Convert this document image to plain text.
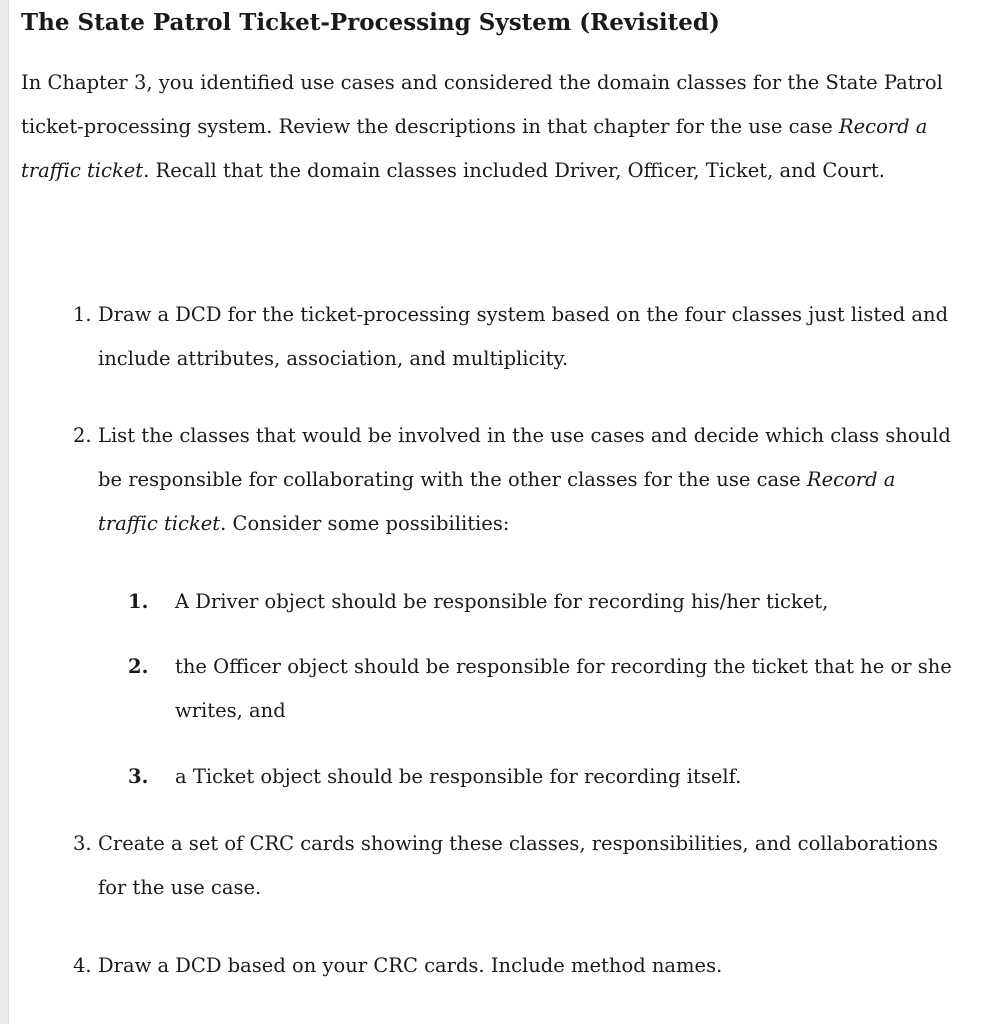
The State Patrol Ticket-Processing System (Revisited)

In Chapter 3, you identified use cases and considered the domain classes for the State Patrol ticket-processing system. Review the descriptions in that chapter for the use case Record a traffic ticket. Recall that the domain classes included Driver, Officer, Ticket, and Court.

1. Draw a DCD for the ticket-processing system based on the four classes just listed and include attributes, association, and multiplicity.
2. List the classes that would be involved in the use cases and decide which class should be responsible for collaborating with the other classes for the use case Record a traffic ticket. Consider some possibilities:
3. Create a set of CRC cards showing these classes, responsibilities, and collaborations for the use case.
4. Draw a DCD based on your CRC cards. Include method names.
1. A Driver object should be responsible for recording his/her ticket,
2. the Officer object should be responsible for recording the ticket that he or she writes, and
3. a Ticket object should be responsible for recording itself.
